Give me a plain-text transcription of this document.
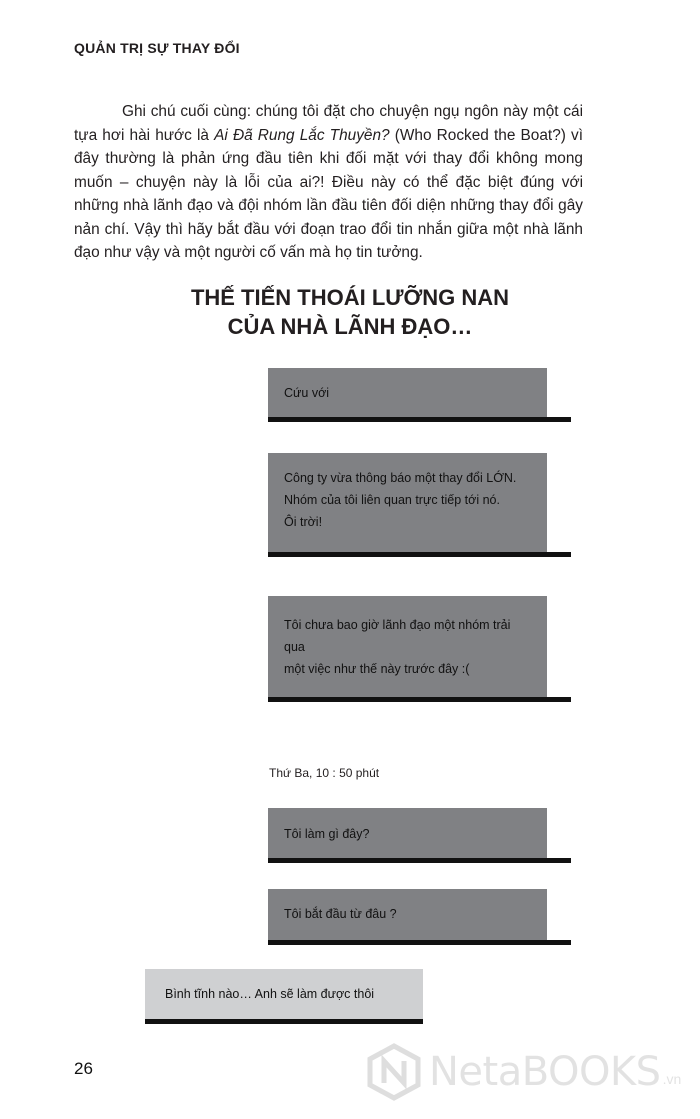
QUẢN TRỊ SỰ THAY ĐỔI

Ghi chú cuối cùng: chúng tôi đặt cho chuyện ngụ ngôn này một cái tựa hơi hài hước là Ai Đã Rung Lắc Thuyền? (Who Rocked the Boat?) vì đây thường là phản ứng đầu tiên khi đối mặt với thay đổi không mong muốn – chuyện này là lỗi của ai?! Điều này có thể đặc biệt đúng với những nhà lãnh đạo và đội nhóm lần đầu tiên đối diện những thay đổi gây nản chí. Vậy thì hãy bắt đầu với đoạn trao đổi tin nhắn giữa một nhà lãnh đạo như vậy và một người cố vấn mà họ tin tưởng.

THẾ TIẾN THOÁI LƯỠNG NAN
CỦA NHÀ LÃNH ĐẠO…
Cứu với
Công ty vừa thông báo một thay đổi LỚN.
Nhóm của tôi liên quan trực tiếp tới nó.
Ôi trời!
Tôi chưa bao giờ lãnh đạo một nhóm trải qua
một việc như thế này trước đây :(
Thứ Ba, 10 : 50 phút
Tôi làm gì đây?
Tôi bắt đầu từ đâu ?
Bình tĩnh nào… Anh sẽ làm được thôi
26	NetaBOOKS .vn
